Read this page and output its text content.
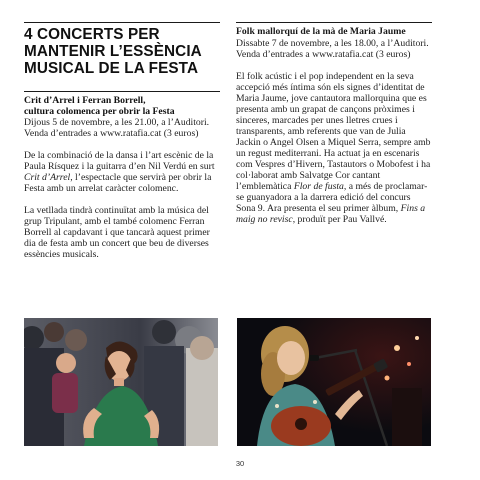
4 CONCERTS PER MANTENIR L’ESSÈNCIA MUSICAL DE LA FESTA

Crit d’Arrel i Ferran Borrell,

cultura colomenca per obrir la Festa

Dijous 5 de novembre, a les 21.00, a l’Auditori. Venda d’entrades a www.ratafia.cat (3 euros)

De la combinació de la dansa i l’art escènic de la Paula Rísquez i la guitarra d’en Nil Verdú en surt Crit d’Arrel, l’espectacle que servirà per obrir la Festa amb un arrelat caràcter colomenc.

La vetllada tindrà continuïtat amb la música del grup Tripulant, amb el també colomenc Ferran Borrell al capdavant i que tancarà aquest primer dia de festa amb un concert que beu de diverses essències musicals.

Folk mallorquí de la mà de Maria Jaume

Dissabte 7 de novembre, a les 18.00, a l’Auditori. Venda d’entrades a www.ratafia.cat (3 euros)

El folk acústic i el pop independent en la seva accepció més íntima són els signes d’identitat de Maria Jaume, jove cantautora mallorquina que es presenta amb un grapat de cançons pròximes i sinceres, marcades per unes lletres crues i transparents, amb referents que van de Julia Jackin o Angel Olsen a Miquel Serra, sempre amb un regust mediterrani. Ha actuat ja en escenaris com Vespres d’Hivern, Tastautors o Mobofest i ha col·laborat amb Salvatge Cor cantant l’emblemàtica Flor de fusta, a més de proclamar-se guanyadora a la darrera edició del concurs Sona 9. Ara presenta el seu primer àlbum, Fins a maig no revisc, produït per Pau Vallvé.

30
